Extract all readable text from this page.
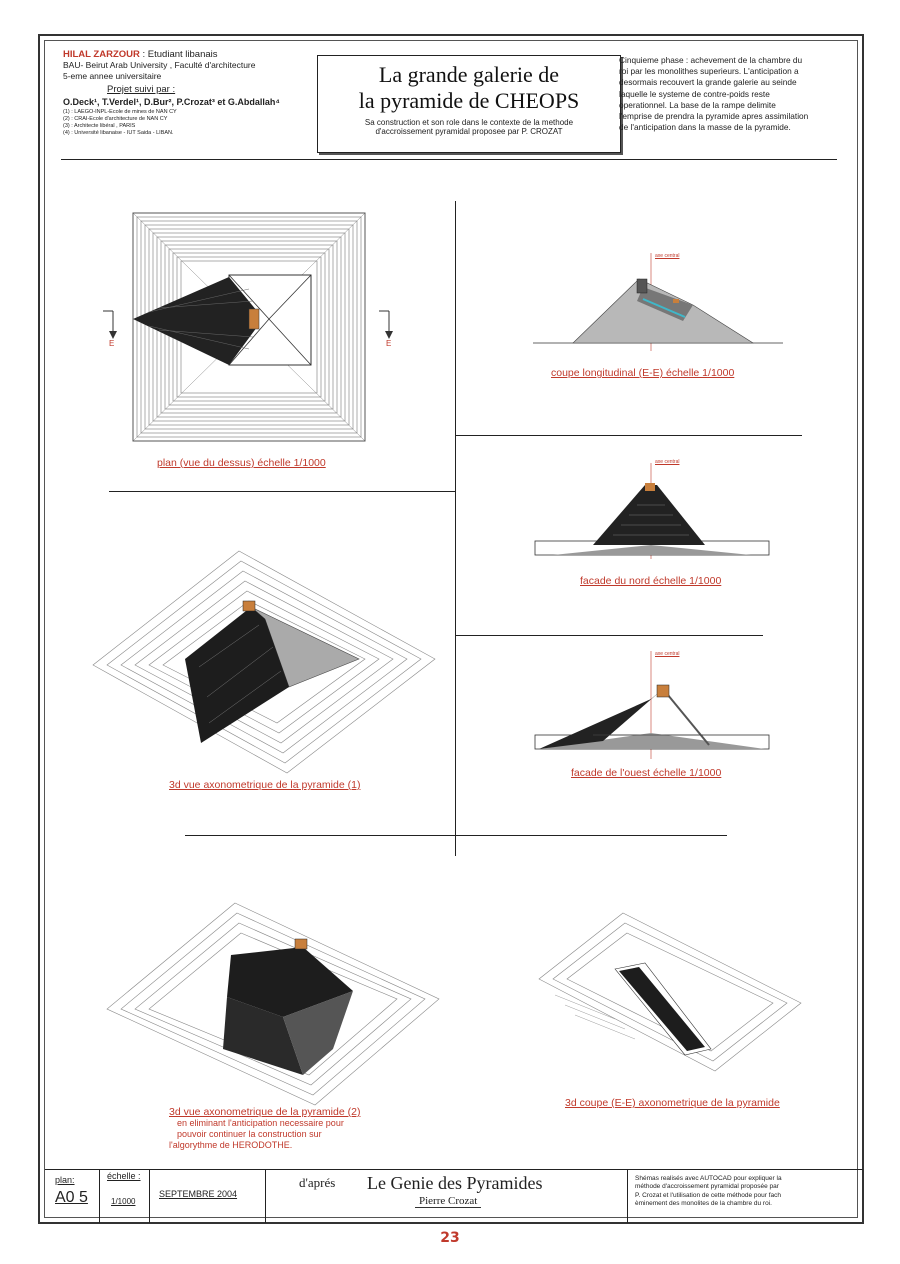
HILAL ZARZOUR : Etudiant libanais
BAU- Beirut Arab University , Faculté d'architecture
5-eme annee universitaire
Projet suivi par :
O.Deck¹, T.Verdel¹, D.Bur², P.Crozat³ et G.Abdallah⁴
(1) : LAEGO-INPL-Ecole de mines de NAN CY
(2) : CRAI-Ecole d'architecture de NAN CY
(3) : Architecte libéral , PARIS
(4) : Université libanaise - IUT Saida - LIBAN.
La grande galerie de
la pyramide de CHEOPS
Sa construction et son role dans le contexte de la methode
d'accroissement pyramidal proposee par P. CROZAT
Cinquieme phase : achevement de la chambre du
roi par les monolithes superieurs. L'anticipation a
desormais recouvert la grande galerie au seinde
laquelle le systeme de contre-poids reste
operationnel. La base de la rampe delimite
l'emprise de prendra la pyramide apres assimilation
de l'anticipation dans la masse de la pyramide.
E	E
plan (vue du dessus) échelle 1/1000
axe central
coupe longitudinal (E-E) échelle 1/1000
axe central
facade du nord échelle 1/1000
axe central
facade de l'ouest échelle 1/1000
3d vue axonometrique de la pyramide (1)
3d vue axonometrique de la pyramide (2)
en eliminant l'anticipation necessaire pour
pouvoir continuer la construction sur
l'algorythme de HERODOTHE.
3d coupe (E-E) axonometrique de la pyramide
plan:
A0 5
échelle :
1/1000
SEPTEMBRE 2004
d'aprés Le Genie des Pyramides
Pierre Crozat
Shémas realisés avec AUTOCAD pour expliquer la
méthode d'accroissement pyramidal proposée par
P. Crozat et l'utilisation de cette méthode pour fach
èminement des monolites de la chambre du roi.
23
